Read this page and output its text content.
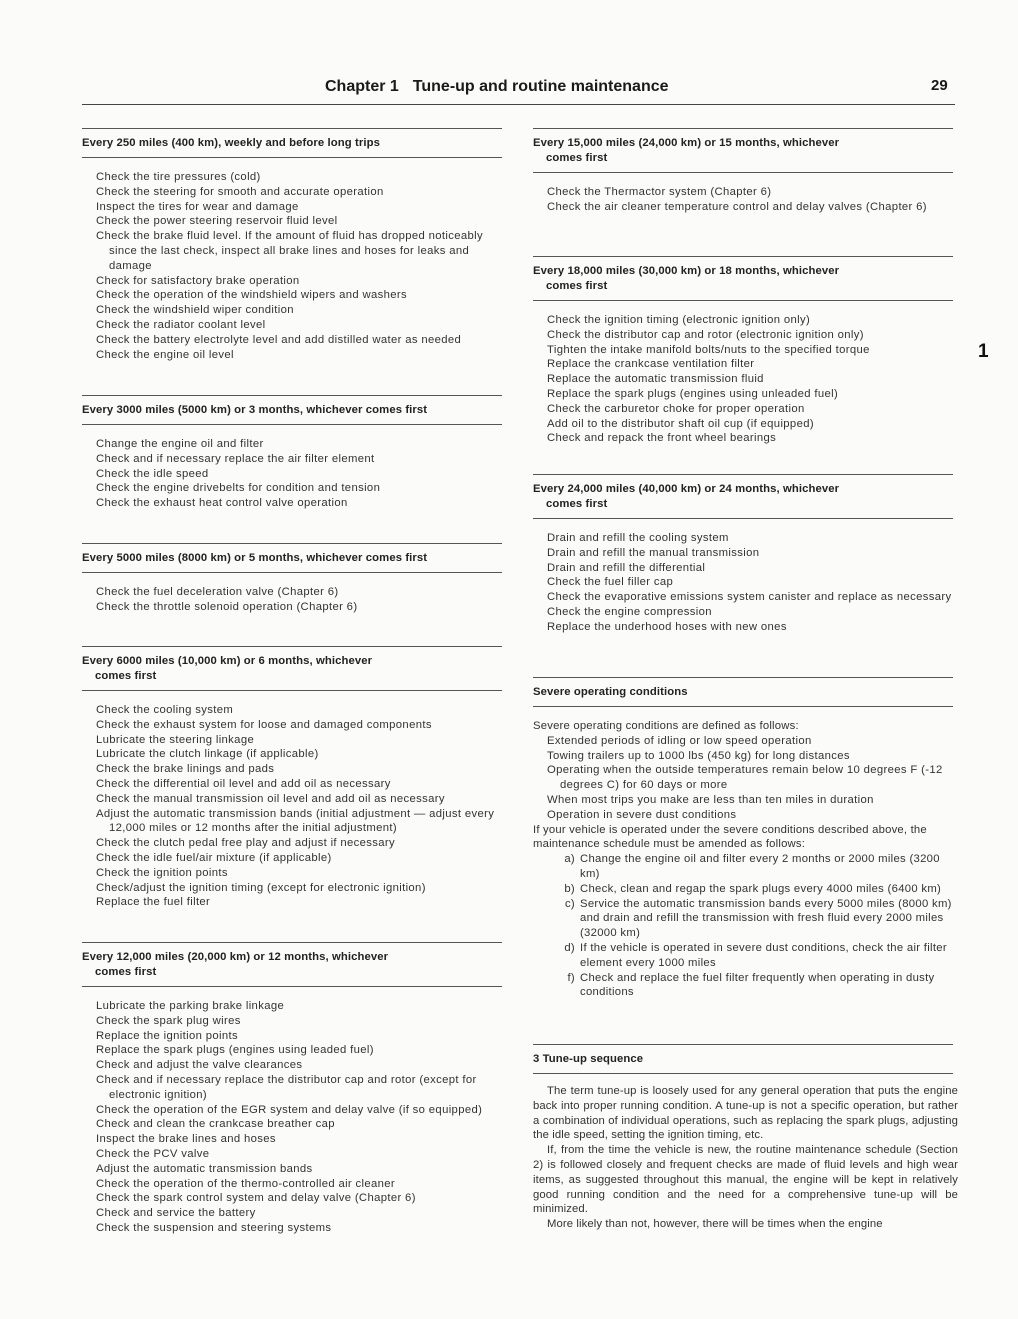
Chapter 1 Tune-up and routine maintenance	29
1
Every 250 miles (400 km), weekly and before long trips
Check the tire pressures (cold)
Check the steering for smooth and accurate operation
Inspect the tires for wear and damage
Check the power steering reservoir fluid level
Check the brake fluid level. If the amount of fluid has dropped noticeably since the last check, inspect all brake lines and hoses for leaks and damage
Check for satisfactory brake operation
Check the operation of the windshield wipers and washers
Check the windshield wiper condition
Check the radiator coolant level
Check the battery electrolyte level and add distilled water as needed
Check the engine oil level
Every 3000 miles (5000 km) or 3 months, whichever comes first
Change the engine oil and filter
Check and if necessary replace the air filter element
Check the idle speed
Check the engine drivebelts for condition and tension
Check the exhaust heat control valve operation
Every 5000 miles (8000 km) or 5 months, whichever comes first
Check the fuel deceleration valve (Chapter 6)
Check the throttle solenoid operation (Chapter 6)
Every 6000 miles (10,000 km) or 6 months, whichever
comes first
Check the cooling system
Check the exhaust system for loose and damaged components
Lubricate the steering linkage
Lubricate the clutch linkage (if applicable)
Check the brake linings and pads
Check the differential oil level and add oil as necessary
Check the manual transmission oil level and add oil as necessary
Adjust the automatic transmission bands (initial adjustment — adjust every 12,000 miles or 12 months after the initial adjustment)
Check the clutch pedal free play and adjust if necessary
Check the idle fuel/air mixture (if applicable)
Check the ignition points
Check/adjust the ignition timing (except for electronic ignition)
Replace the fuel filter
Every 12,000 miles (20,000 km) or 12 months, whichever
comes first
Lubricate the parking brake linkage
Check the spark plug wires
Replace the ignition points
Replace the spark plugs (engines using leaded fuel)
Check and adjust the valve clearances
Check and if necessary replace the distributor cap and rotor (except for electronic ignition)
Check the operation of the EGR system and delay valve (if so equipped)
Check and clean the crankcase breather cap
Inspect the brake lines and hoses
Check the PCV valve
Adjust the automatic transmission bands
Check the operation of the thermo-controlled air cleaner
Check the spark control system and delay valve (Chapter 6)
Check and service the battery
Check the suspension and steering systems
Every 15,000 miles (24,000 km) or 15 months, whichever
comes first
Check the Thermactor system (Chapter 6)
Check the air cleaner temperature control and delay valves (Chapter 6)
Every 18,000 miles (30,000 km) or 18 months, whichever
comes first
Check the ignition timing (electronic ignition only)
Check the distributor cap and rotor (electronic ignition only)
Tighten the intake manifold bolts/nuts to the specified torque
Replace the crankcase ventilation filter
Replace the automatic transmission fluid
Replace the spark plugs (engines using unleaded fuel)
Check the carburetor choke for proper operation
Add oil to the distributor shaft oil cup (if equipped)
Check and repack the front wheel bearings
Every 24,000 miles (40,000 km) or 24 months, whichever
comes first
Drain and refill the cooling system
Drain and refill the manual transmission
Drain and refill the differential
Check the fuel filler cap
Check the evaporative emissions system canister and replace as necessary
Check the engine compression
Replace the underhood hoses with new ones
Severe operating conditions
Severe operating conditions are defined as follows:
Extended periods of idling or low speed operation
Towing trailers up to 1000 lbs (450 kg) for long distances
Operating when the outside temperatures remain below 10 degrees F (-12 degrees C) for 60 days or more
When most trips you make are less than ten miles in duration
Operation in severe dust conditions
If your vehicle is operated under the severe conditions described above, the maintenance schedule must be amended as follows:
a) Change the engine oil and filter every 2 months or 2000 miles (3200 km)
b) Check, clean and regap the spark plugs every 4000 miles (6400 km)
c) Service the automatic transmission bands every 5000 miles (8000 km) and drain and refill the transmission with fresh fluid every 2000 miles (32000 km)
d) If the vehicle is operated in severe dust conditions, check the air filter element every 1000 miles
f) Check and replace the fuel filter frequently when operating in dusty conditions
3 Tune-up sequence

The term tune-up is loosely used for any general operation that puts the engine back into proper running condition. A tune-up is not a specific operation, but rather a combination of individual operations, such as replacing the spark plugs, adjusting the idle speed, setting the ignition timing, etc.

If, from the time the vehicle is new, the routine maintenance schedule (Section 2) is followed closely and frequent checks are made of fluid levels and high wear items, as suggested throughout this manual, the engine will be kept in relatively good running condition and the need for a comprehensive tune-up will be minimized.

More likely than not, however, there will be times when the engine
